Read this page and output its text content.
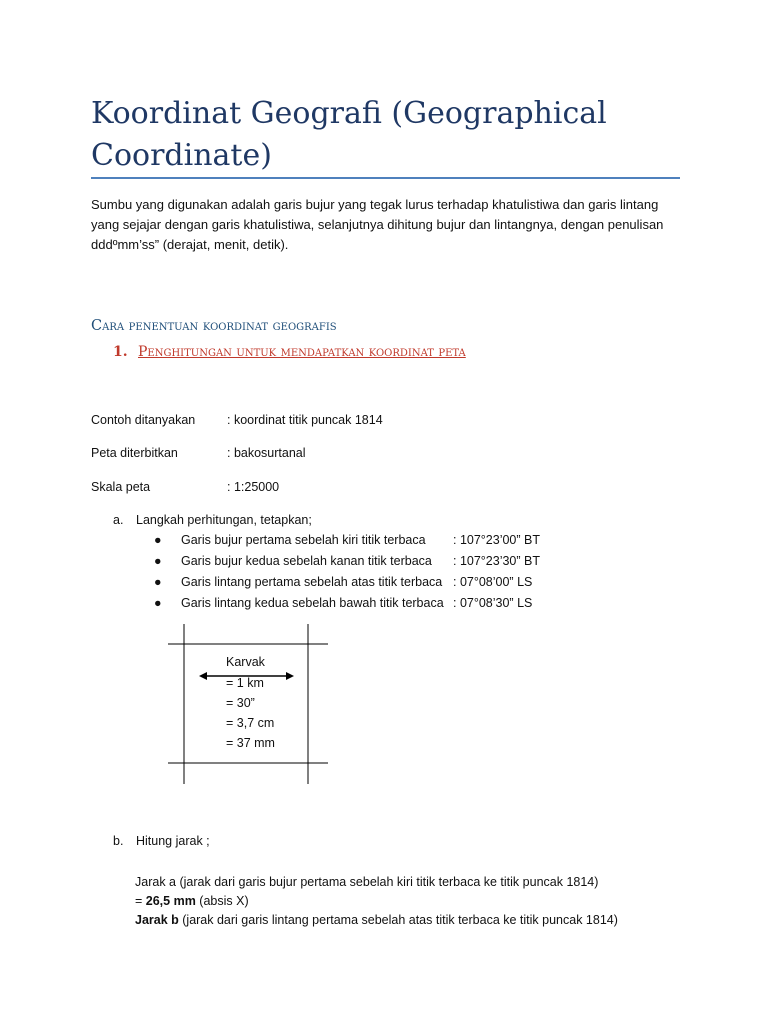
Koordinat Geografi (Geographical Coordinate)

Sumbu yang digunakan adalah garis bujur yang tegak lurus terhadap khatulistiwa dan garis lintang yang sejajar dengan garis khatulistiwa, selanjutnya dihitung bujur dan lintangnya, dengan penulisan dddºmm’ss” (derajat, menit, detik).

Cara penentuan koordinat geografis
1. Penghitungan untuk mendapatkan koordinat peta
Contoh ditanyakan	: koordinat titik puncak 1814
Peta diterbitkan	: bakosurtanal
Skala peta	: 1:25000
a. Langkah perhitungan, tetapkan;
● Garis bujur pertama sebelah kiri titik terbaca : 107°23’00” BT
● Garis bujur kedua sebelah kanan titik terbaca : 107°23’30” BT
● Garis lintang pertama sebelah atas titik terbaca : 07°08’00” LS
● Garis lintang kedua sebelah bawah titik terbaca : 07°08’30” LS
Karvak
= 1 km
= 30”
= 3,7 cm
= 37 mm
b. Hitung jarak ;
Jarak a (jarak dari garis bujur pertama sebelah kiri titik terbaca ke titik puncak 1814)
= 26,5 mm (absis X)
Jarak b (jarak dari garis lintang pertama sebelah atas titik terbaca ke titik puncak 1814)
